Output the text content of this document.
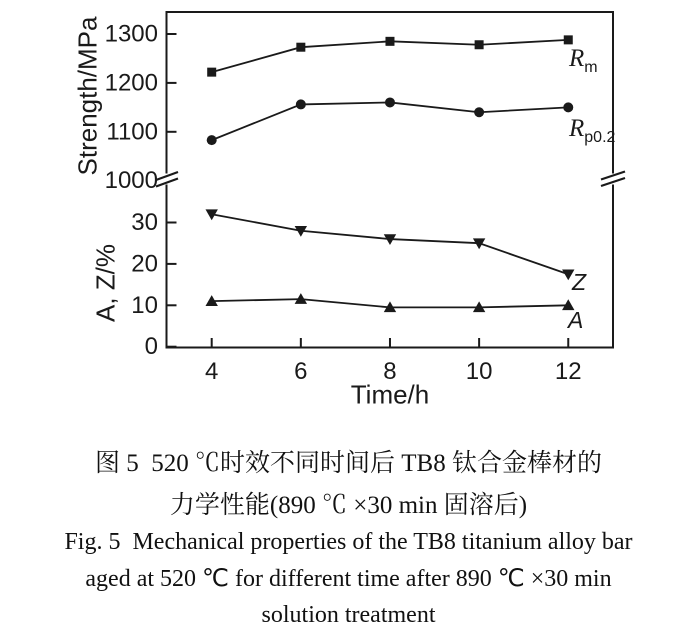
1000
1100
1200
1300
0
10
20
30
4	6	8	10	12
Strength/MPa
A, Z/%
Time/h
$R_m$
$R_{p0.2}$
Z
A
图 5  520 ℃时效不同时间后 TB8 钛合金棒材的
力学性能(890 ℃ ×30 min 固溶后)
Fig. 5  Mechanical properties of the TB8 titanium alloy bar
aged at 520 ℃ for different time after 890 ℃ ×30 min
solution treatment
